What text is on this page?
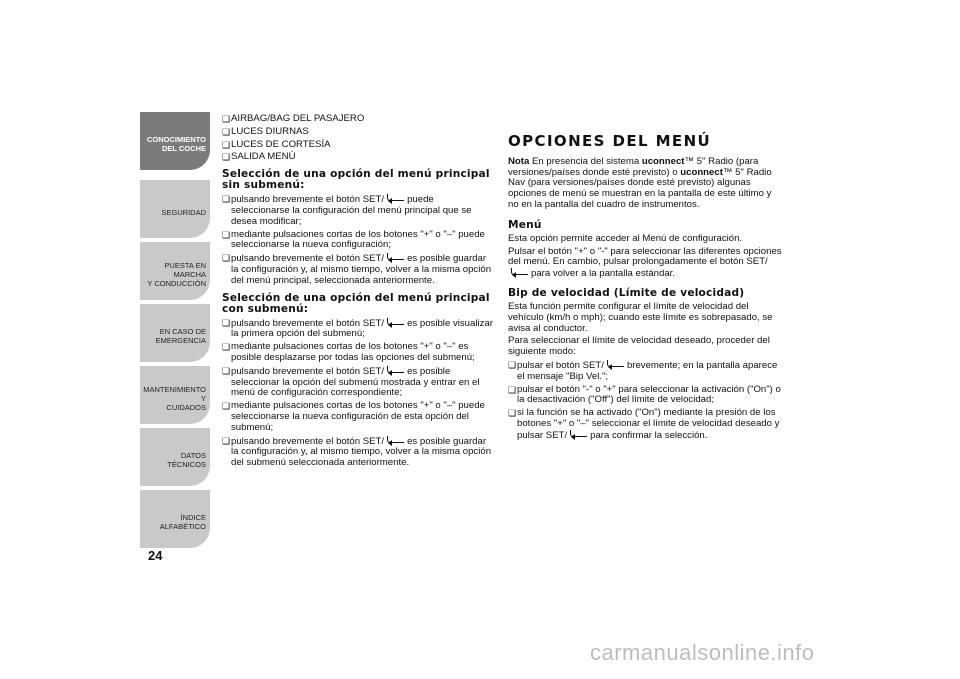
CONOCIMIENTO
DEL COCHE
SEGURIDAD
PUESTA EN MARCHA
Y CONDUCCIÓN
EN CASO DE
EMERGENCIA
MANTENIMIENTO Y
CUIDADOS
DATOS TÉCNICOS
ÍNDICE ALFABÉTICO
24
❏ AIRBAG/BAG DEL PASAJERO
❏ LUCES DIURNAS
❏ LUCES DE CORTESÍA
❏ SALIDA MENÚ
Selección de una opción del menú principal sin submenú:
❏ pulsando brevemente el botón SET/ puede seleccionarse la configuración del menú principal que se desea modificar;
❏ mediante pulsaciones cortas de los botones "+" o "–" puede seleccionarse la nueva configuración;
❏ pulsando brevemente el botón SET/ es posible guardar la configuración y, al mismo tiempo, volver a la misma opción del menú principal, seleccionada anteriormente.
Selección de una opción del menú principal con submenú:
❏ pulsando brevemente el botón SET/ es posible visualizar la primera opción del submenú;
❏ mediante pulsaciones cortas de los botones "+" o "–" es posible desplazarse por todas las opciones del submenú;
❏ pulsando brevemente el botón SET/ es posible seleccionar la opción del submenú mostrada y entrar en el menú de configuración correspondiente;
❏ mediante pulsaciones cortas de los botones "+" o "–" puede seleccionarse la nueva configuración de esta opción del submenú;
❏ pulsando brevemente el botón SET/ es posible guardar la configuración y, al mismo tiempo, volver a la misma opción del submenú seleccionada anteriormente.
OPCIONES DEL MENÚ

Nota En presencia del sistema uconnect™ 5" Radio (para versiones/países donde esté previsto) o uconnect™ 5" Radio Nav (para versiones/países donde esté previsto) algunas opciones de menú se muestran en la pantalla de este último y no en la pantalla del cuadro de instrumentos.

Menú

Esta opción permite acceder al Menú de configuración.

Pulsar el botón "+" o "-" para seleccionar las diferentes opciones del menú. En cambio, pulsar prolongadamente el botón SET/para volver a la pantalla estándar.

Bip de velocidad (Límite de velocidad)

Esta función permite configurar el límite de velocidad del vehículo (km/h o mph); cuando este límite es sobrepasado, se avisa al conductor.

Para seleccionar el límite de velocidad deseado, proceder del siguiente modo:

❏ pulsar el botón SET/ brevemente; en la pantalla aparece el mensaje "Bip Vel.";
❏ pulsar el botón "-" o "+" para seleccionar la activación ("On") o la desactivación ("Off") del límite de velocidad;
❏ si la función se ha activado ("On") mediante la presión de los botones "+" o "–" seleccionar el límite de velocidad deseado y pulsar SET/ para confirmar la selección.
carmanualsonline.info
